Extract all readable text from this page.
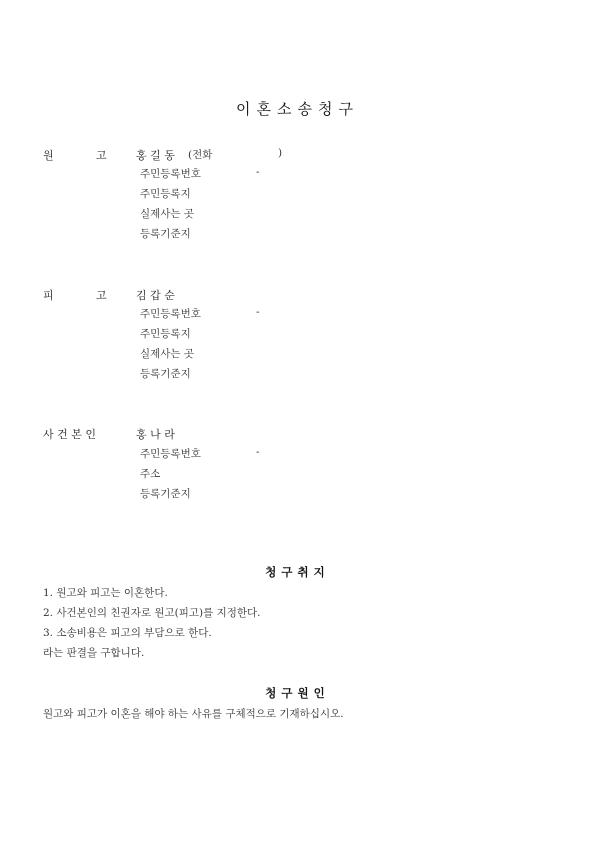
이혼소송청구
원	고	홍 길 동 (전화	)
주민등록번호	-
주민등록지
실제사는 곳
등록기준지
피	고	김 갑 순
주민등록번호	-
주민등록지
실제사는 곳
등록기준지
사 건 본 인	홍 나 라
주민등록번호	-
주소
등록기준지
청구취지
1. 원고와 피고는 이혼한다.
2. 사건본인의 친권자로 원고(피고)를 지정한다.
3. 소송비용은 피고의 부담으로 한다.
라는 판결을 구합니다.
청구원인
원고와 피고가 이혼을 해야 하는 사유를 구체적으로 기재하십시오.
